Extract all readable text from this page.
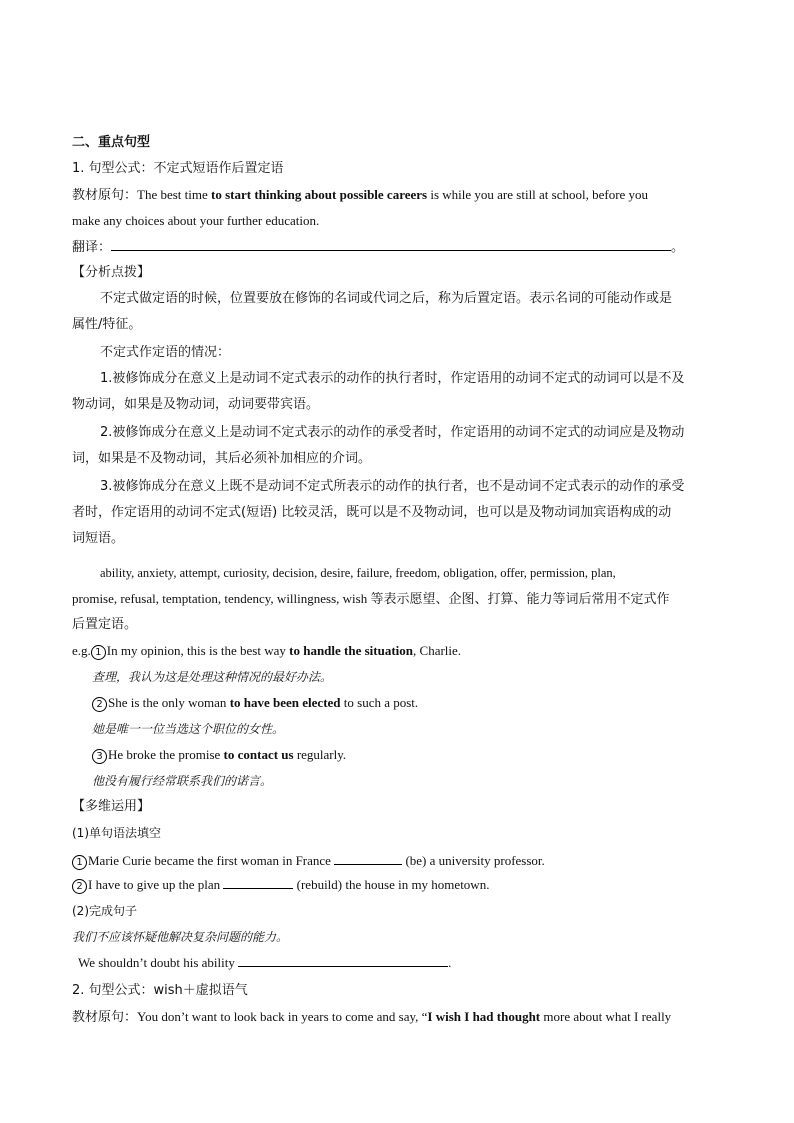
二、重点句型
1. 句型公式：不定式短语作后置定语
教材原句：The best time to start thinking about possible careers is while you are still at school, before you
make any choices about your further education.
翻译：	。
【分析点拨】
不定式做定语的时候，位置要放在修饰的名词或代词之后，称为后置定语。表示名词的可能动作或是
属性/特征。
不定式作定语的情况：
1.被修饰成分在意义上是动词不定式表示的动作的执行者时，作定语用的动词不定式的动词可以是不及
物动词，如果是及物动词，动词要带宾语。
2.被修饰成分在意义上是动词不定式表示的动作的承受者时，作定语用的动词不定式的动词应是及物动
词，如果是不及物动词，其后必须补加相应的介词。
3.被修饰成分在意义上既不是动词不定式所表示的动作的执行者，也不是动词不定式表示的动作的承受
者时，作定语用的动词不定式(短语) 比较灵活，既可以是不及物动词，也可以是及物动词加宾语构成的动
词短语。
ability, anxiety, attempt, curiosity, decision, desire, failure, freedom, obligation, offer, permission, plan,
promise, refusal, temptation, tendency, willingness, wish 等表示愿望、企图、打算、能力等词后常用不定式作
后置定语。
e.g. 1 In my opinion, this is the best way to handle the situation, Charlie.
查理，我认为这是处理这种情况的最好办法。
2 She is the only woman to have been elected to such a post.
她是唯一一位当选这个职位的女性。
3 He broke the promise to contact us regularly.
他没有履行经常联系我们的诺言。
【多维运用】
(1)单句语法填空
1 Marie Curie became the first woman in France	(be) a university professor.
2 I have to give up the plan	(rebuild) the house in my hometown.
(2)完成句子
我们不应该怀疑他解决复杂问题的能力。
We shouldn’t doubt his ability	.
2. 句型公式：wish＋虚拟语气
教材原句：You don’t want to look back in years to come and say, “I wish I had thought more about what I really
